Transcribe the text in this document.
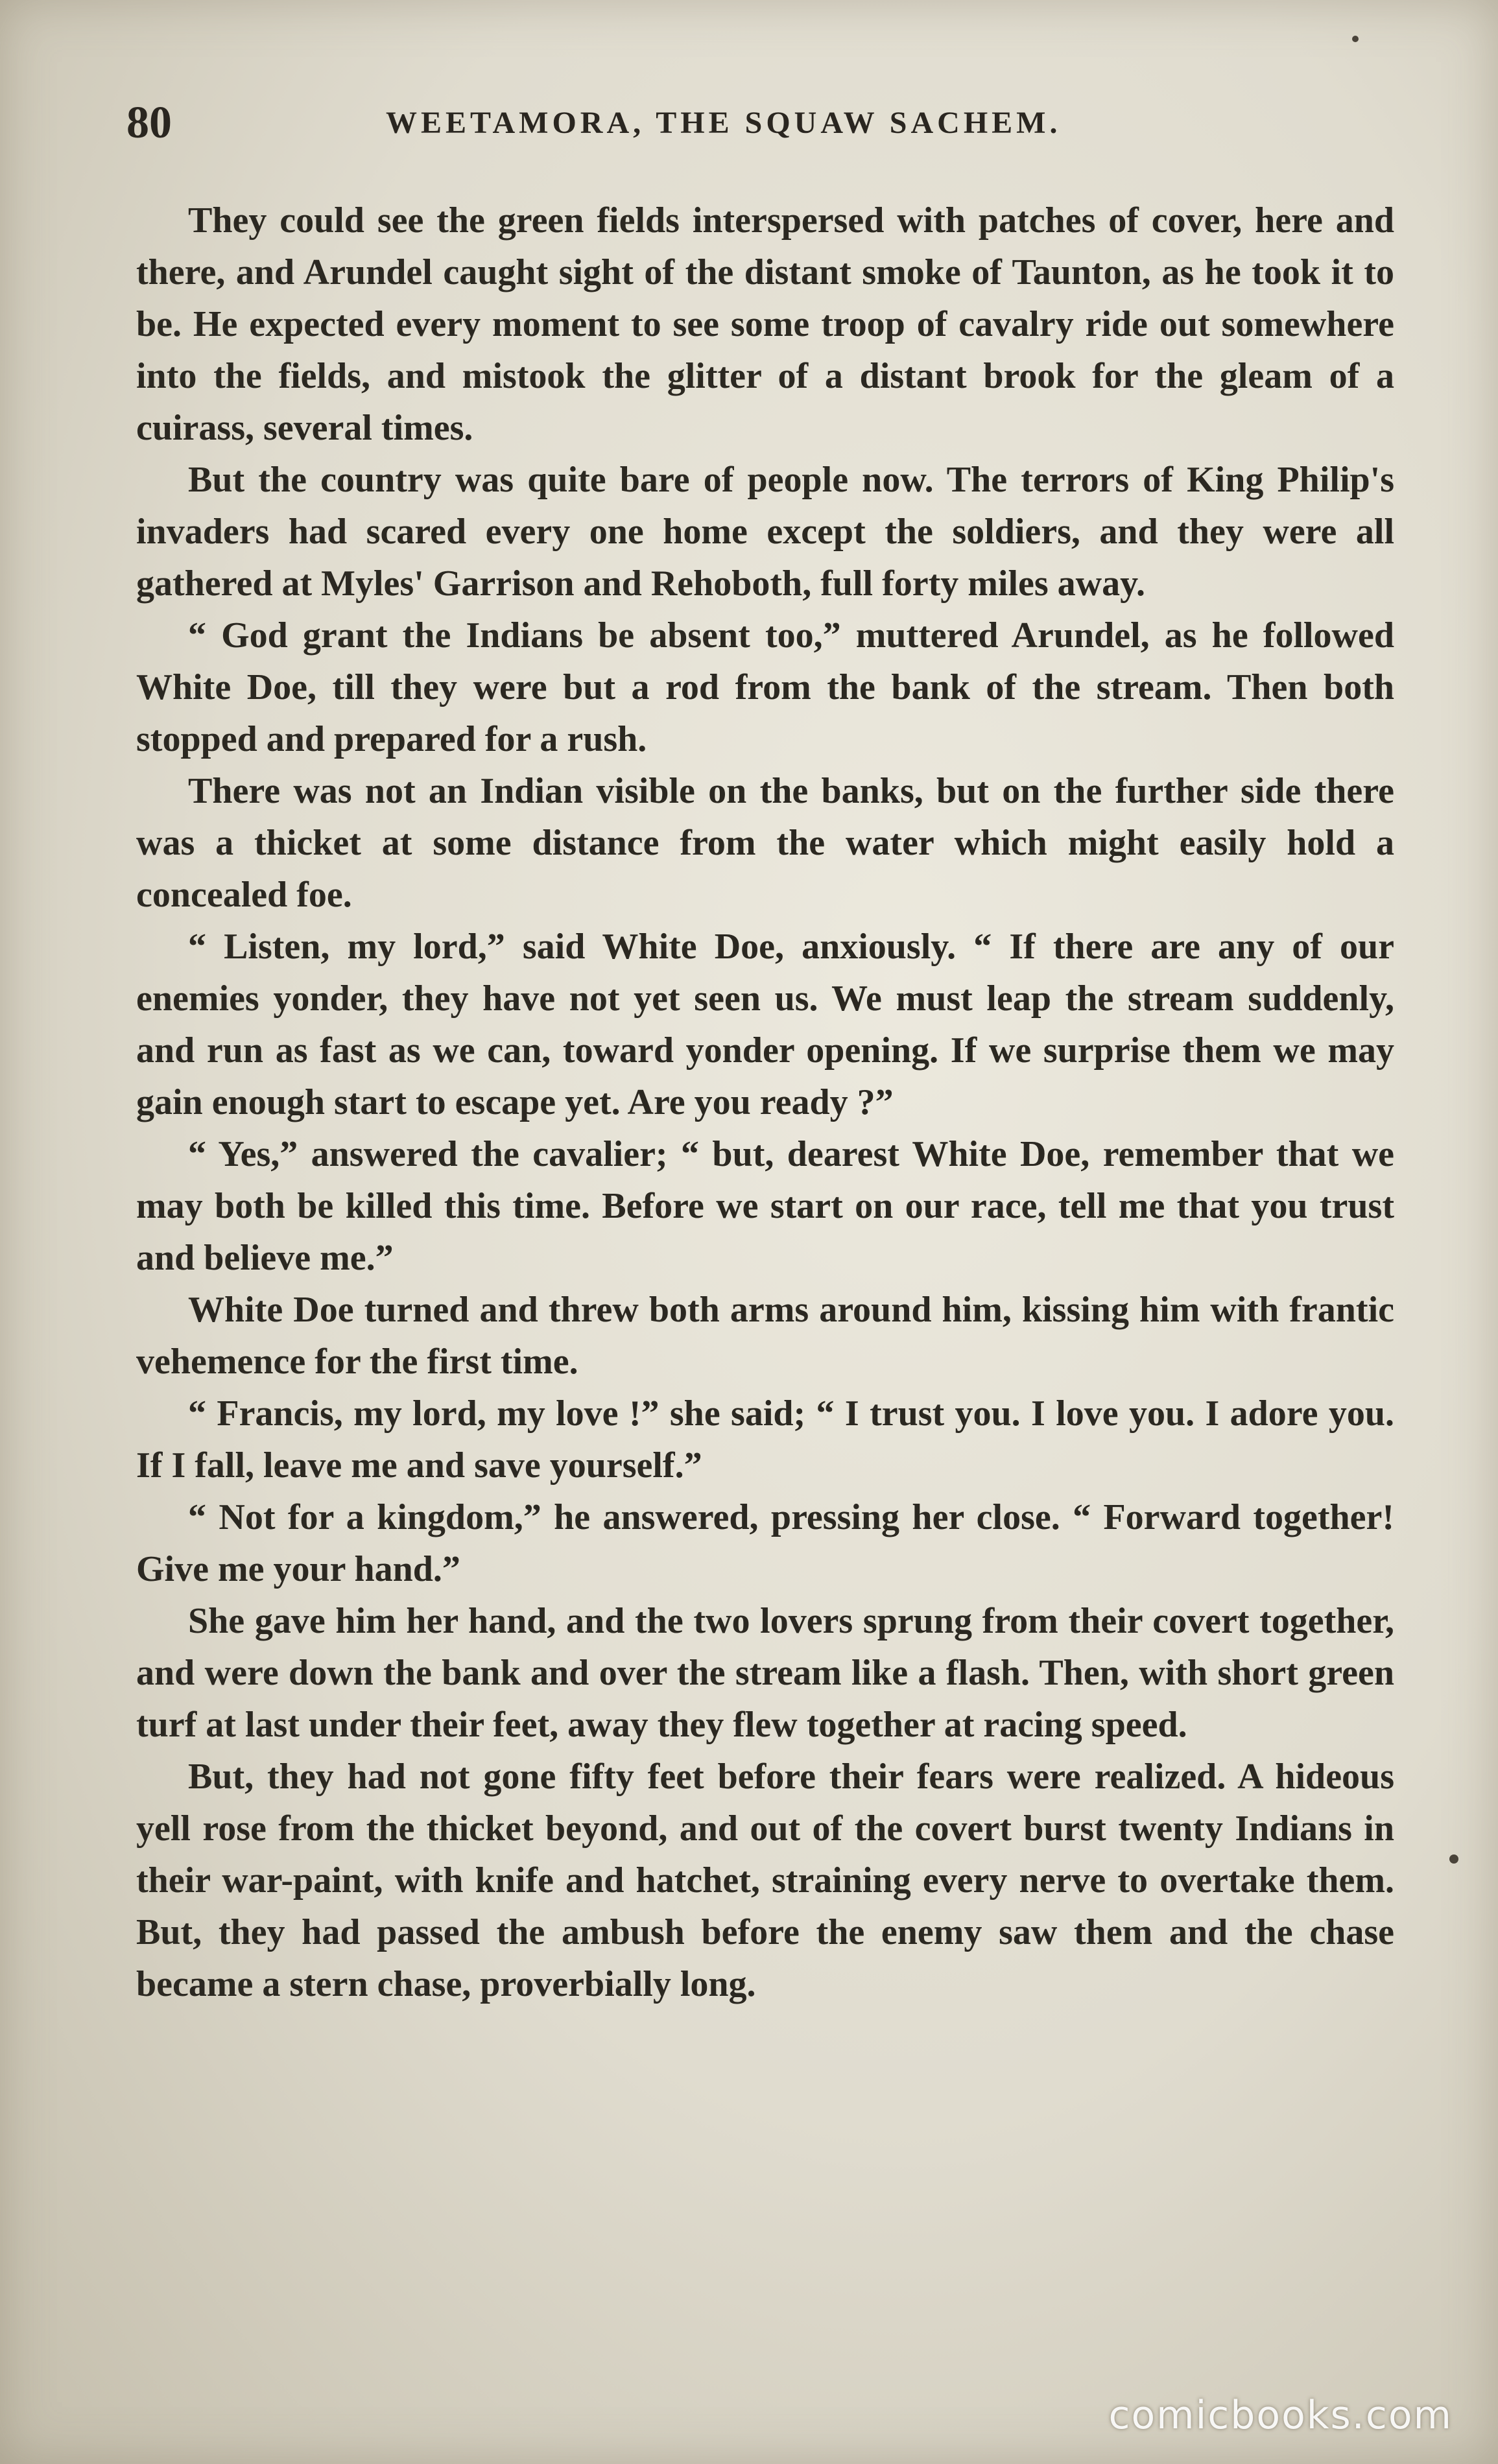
80	WEETAMORA, THE SQUAW SACHEM.

They could see the green fields interspersed with patches of cover, here and there, and Arundel caught sight of the distant smoke of Taunton, as he took it to be. He expected every moment to see some troop of cavalry ride out somewhere into the fields, and mistook the glitter of a distant brook for the gleam of a cuirass, several times.

But the country was quite bare of people now. The terrors of King Philip's invaders had scared every one home except the soldiers, and they were all gathered at Myles' Garrison and Rehoboth, full forty miles away.

“ God grant the Indians be absent too,” muttered Arundel, as he followed White Doe, till they were but a rod from the bank of the stream. Then both stopped and prepared for a rush.

There was not an Indian visible on the banks, but on the further side there was a thicket at some distance from the water which might easily hold a concealed foe.

“ Listen, my lord,” said White Doe, anxiously. “ If there are any of our enemies yonder, they have not yet seen us. We must leap the stream suddenly, and run as fast as we can, toward yonder opening. If we surprise them we may gain enough start to escape yet. Are you ready ?”

“ Yes,” answered the cavalier; “ but, dearest White Doe, remember that we may both be killed this time. Before we start on our race, tell me that you trust and believe me.”

White Doe turned and threw both arms around him, kissing him with frantic vehemence for the first time.

“ Francis, my lord, my love !” she said; “ I trust you. I love you. I adore you. If I fall, leave me and save yourself.”

“ Not for a kingdom,” he answered, pressing her close. “ Forward together! Give me your hand.”

She gave him her hand, and the two lovers sprung from their covert together, and were down the bank and over the stream like a flash. Then, with short green turf at last under their feet, away they flew together at racing speed.

But, they had not gone fifty feet before their fears were realized. A hideous yell rose from the thicket beyond, and out of the covert burst twenty Indians in their war-paint, with knife and hatchet, straining every nerve to overtake them. But, they had passed the ambush before the enemy saw them and the chase became a stern chase, proverbially long.

comicbooks.com
